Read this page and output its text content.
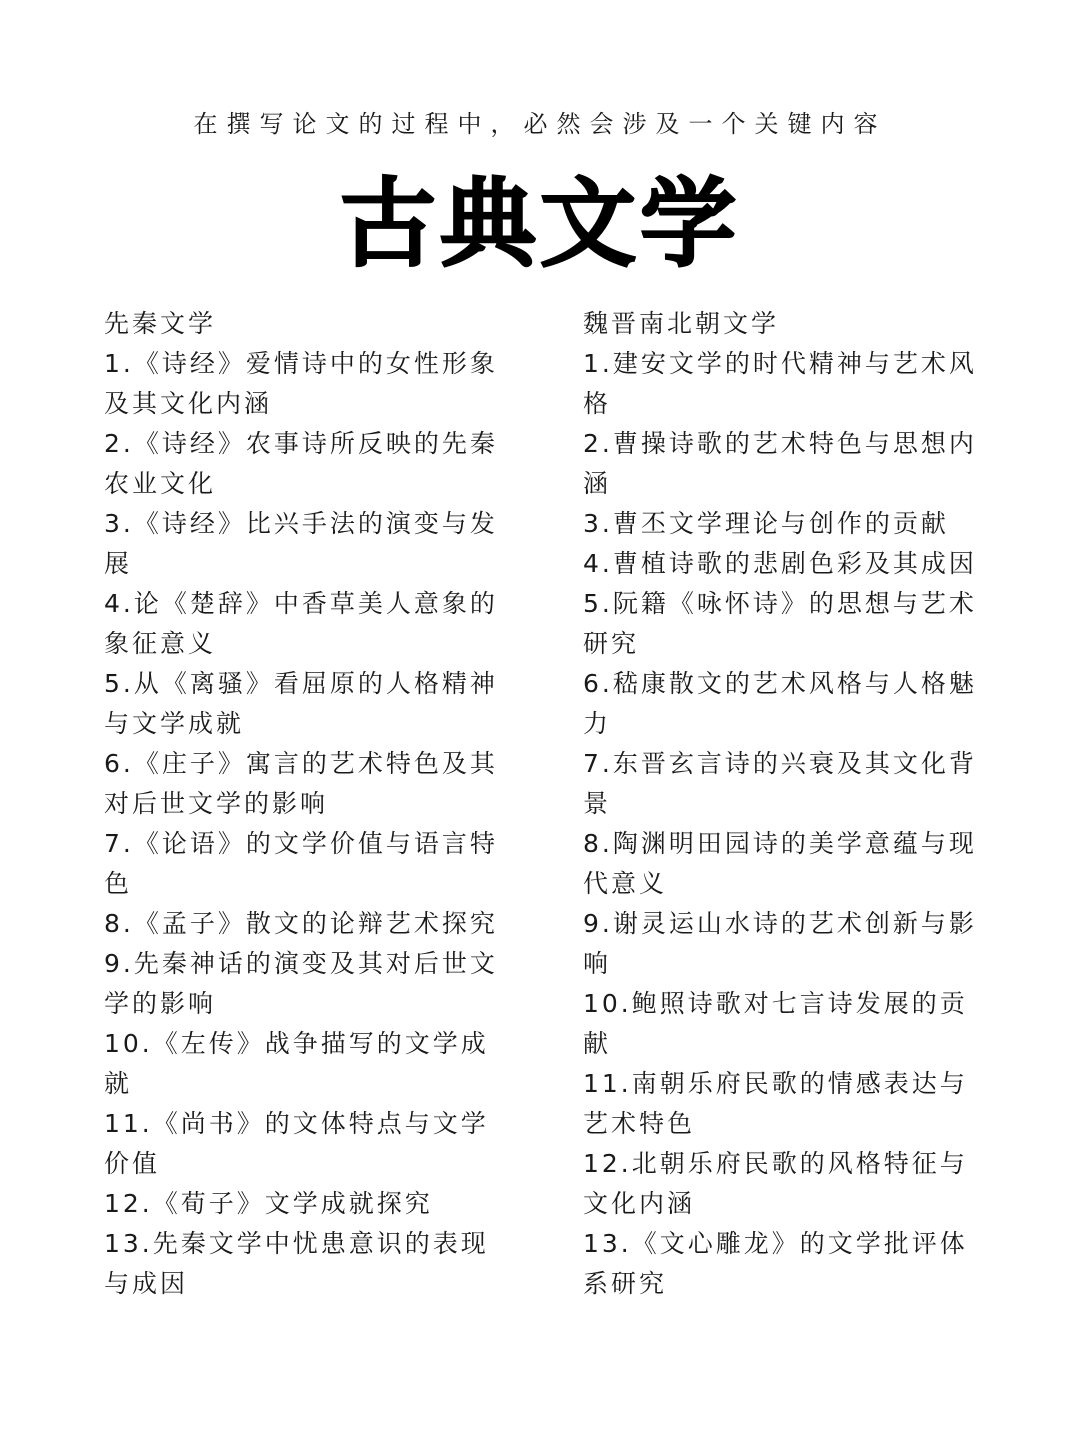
在撰写论文的过程中，必然会涉及一个关键内容
古典文学

先秦文学

1.《诗经》爱情诗中的女性形象及其文化内涵

2.《诗经》农事诗所反映的先秦农业文化

3.《诗经》比兴手法的演变与发展

4.论《楚辞》中香草美人意象的象征意义

5.从《离骚》看屈原的人格精神与文学成就

6.《庄子》寓言的艺术特色及其对后世文学的影响

7.《论语》的文学价值与语言特色

8.《孟子》散文的论辩艺术探究

9.先秦神话的演变及其对后世文学的影响

10.《左传》战争描写的文学成就

11.《尚书》的文体特点与文学价值

12.《荀子》文学成就探究

13.先秦文学中忧患意识的表现与成因

魏晋南北朝文学

1.建安文学的时代精神与艺术风格

2.曹操诗歌的艺术特色与思想内涵

3.曹丕文学理论与创作的贡献

4.曹植诗歌的悲剧色彩及其成因

5.阮籍《咏怀诗》的思想与艺术研究

6.嵇康散文的艺术风格与人格魅力

7.东晋玄言诗的兴衰及其文化背景

8.陶渊明田园诗的美学意蕴与现代意义

9.谢灵运山水诗的艺术创新与影响

10.鲍照诗歌对七言诗发展的贡献

11.南朝乐府民歌的情感表达与艺术特色

12.北朝乐府民歌的风格特征与文化内涵

13.《文心雕龙》的文学批评体系研究
